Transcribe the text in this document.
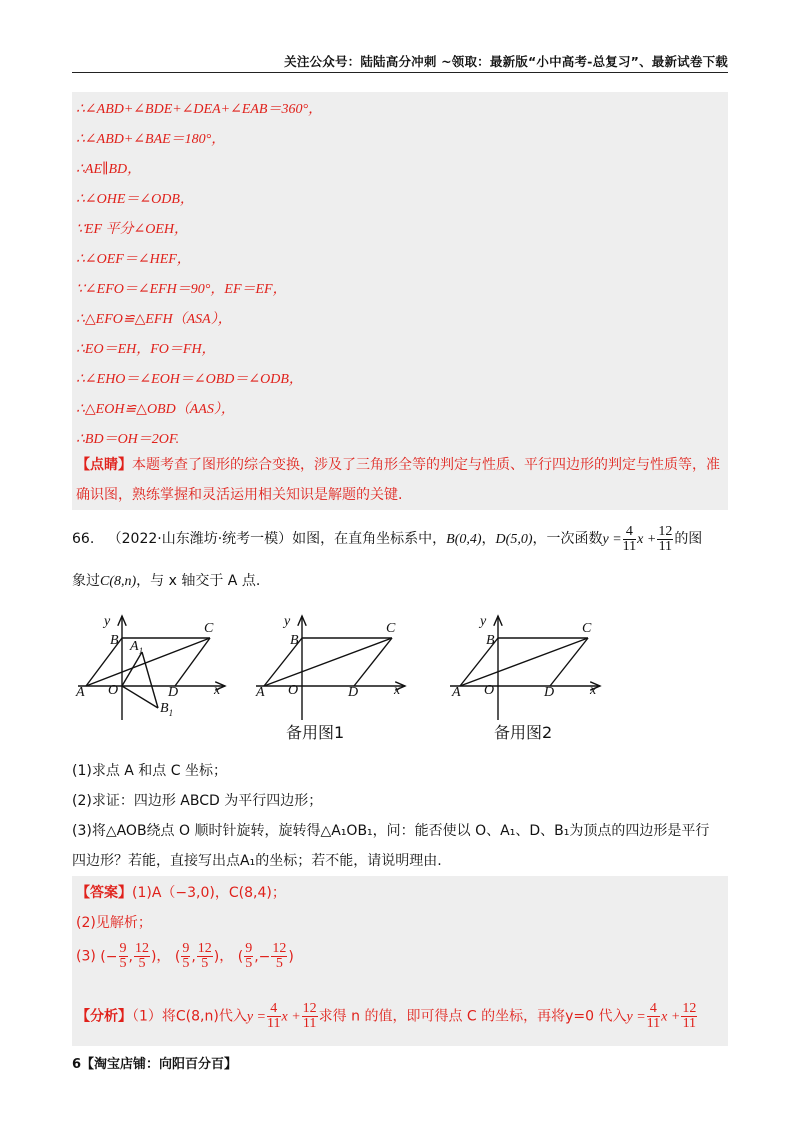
关注公众号：陆陆高分冲刺 ~领取：最新版“小中高考-总复习”、最新试卷下载
∴∠ABD+∠BDE+∠DEA+∠EAB＝360°，
∴∠ABD+∠BAE＝180°，
∴AE∥BD，
∴∠OHE＝∠ODB，
∵EF 平分∠OEH，
∴∠OEF＝∠HEF，
∵∠EFO＝∠EFH＝90°，EF＝EF，
∴△EFO≌△EFH（ASA），
∴EO＝EH，FO＝FH，
∴∠EHO＝∠EOH＝∠OBD＝∠ODB，
∴△EOH≌△OBD（AAS），
∴BD＝OH＝2OF.
【点睛】本题考查了图形的综合变换，涉及了三角形全等的判定与性质、平行四边形的判定与性质等，准确识图，熟练掌握和灵活运用相关知识是解题的关键.
66. （2022·山东潍坊·统考一模）如图，在直角坐标系中，B(0,4)，D(5,0)，一次函数$y = \frac{4}{11}$ $x + \frac{12}{11}$ 的图
象过C(8,n)，与 x 轴交于 A 点.
y
B
C
$A_1$
A O	D	x
$B_1$
y
B
C
A O	D	x
y
B
C
A O	D	x
备用图1	备用图2
(1)求点 A 和点 C 坐标；
(2)求证：四边形 ABCD 为平行四边形；
(3)将△AOB绕点 O 顺时针旋转，旋转得△A₁OB₁，问：能否使以 O、A₁、D、B₁为顶点的四边形是平行
四边形？若能，直接写出点A₁的坐标；若不能，请说明理由.
【答案】(1)A（−3,0)，C(8,4)；
(2)见解析；
(3) (− $\frac{9}{5}$ , $\frac{12}{5}$ )， ( $\frac{9}{5}$ , $\frac{12}{5}$ )， ( $\frac{9}{5}$ ,− $\frac{12}{5}$ )
【分析】（1）将C(8,n)代入$y = \frac{4}{11}$ $x + \frac{12}{11}$ 求得 n 的值，即可得点 C 的坐标，再将y=0 代入$y = \frac{4}{11}$ $x + \frac{12}{11}$
6【淘宝店铺：向阳百分百】
